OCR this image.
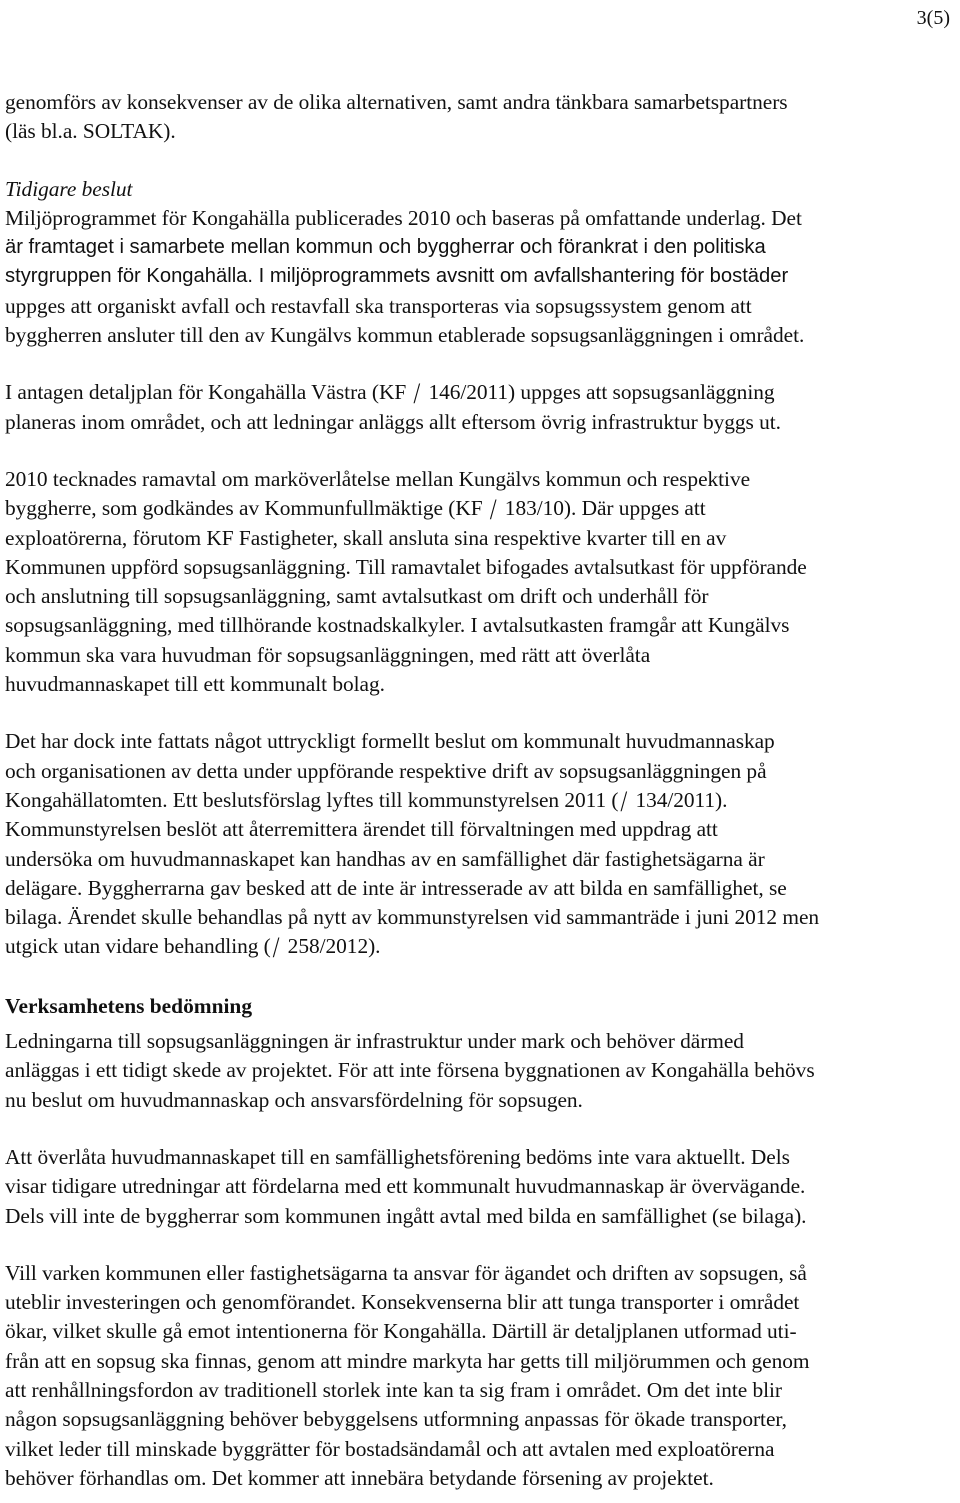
3(5)

genomförs av konsekvenser av de olika alternativen, samt andra tänkbara samarbetspartners
(läs bl.a. SOLTAK).

Tidigare beslut
Miljöprogrammet för Kongahälla publicerades 2010 och baseras på omfattande underlag. Det
är framtaget i samarbete mellan kommun och byggherrar och förankrat i den politiska
styrgruppen för Kongahälla. I miljöprogrammets avsnitt om avfallshantering för bostäder
uppges att organiskt avfall och restavfall ska transporteras via sopsugssystem genom att
byggherren ansluter till den av Kungälvs kommun etablerade sopsugsanläggningen i området.

I antagen detaljplan för Kongahälla Västra (KF / 146/2011) uppges att sopsugsanläggning
planeras inom området, och att ledningar anläggs allt eftersom övrig infrastruktur byggs ut.

2010 tecknades ramavtal om marköverlåtelse mellan Kungälvs kommun och respektive
byggherre, som godkändes av Kommunfullmäktige (KF / 183/10). Där uppges att
exploatörerna, förutom KF Fastigheter, skall ansluta sina respektive kvarter till en av
Kommunen uppförd sopsugsanläggning. Till ramavtalet bifogades avtalsutkast för uppförande
och anslutning till sopsugsanläggning, samt avtalsutkast om drift och underhåll för
sopsugsanläggning, med tillhörande kostnadskalkyler. I avtalsutkasten framgår att Kungälvs
kommun ska vara huvudman för sopsugsanläggningen, med rätt att överlåta
huvudmannaskapet till ett kommunalt bolag.

Det har dock inte fattats något uttryckligt formellt beslut om kommunalt huvudmannaskap
och organisationen av detta under uppförande respektive drift av sopsugsanläggningen på
Kongahällatomten. Ett beslutsförslag lyftes till kommunstyrelsen 2011 (/ 134/2011).
Kommunstyrelsen beslöt att återremittera ärendet till förvaltningen med uppdrag att
undersöka om huvudmannaskapet kan handhas av en samfällighet där fastighetsägarna är
delägare. Byggherrarna gav besked att de inte är intresserade av att bilda en samfällighet, se
bilaga. Ärendet skulle behandlas på nytt av kommunstyrelsen vid sammanträde i juni 2012 men
utgick utan vidare behandling (/ 258/2012).

Verksamhetens bedömning

Ledningarna till sopsugsanläggningen är infrastruktur under mark och behöver därmed
anläggas i ett tidigt skede av projektet. För att inte försena byggnationen av Kongahälla behövs
nu beslut om huvudmannaskap och ansvarsfördelning för sopsugen.

Att överlåta huvudmannaskapet till en samfällighetsförening bedöms inte vara aktuellt. Dels
visar tidigare utredningar att fördelarna med ett kommunalt huvudmannaskap är övervägande.
Dels vill inte de byggherrar som kommunen ingått avtal med bilda en samfällighet (se bilaga).

Vill varken kommunen eller fastighetsägarna ta ansvar för ägandet och driften av sopsugen, så
uteblir investeringen och genomförandet. Konsekvenserna blir att tunga transporter i området
ökar, vilket skulle gå emot intentionerna för Kongahälla. Därtill är detaljplanen utformad uti-
från att en sopsug ska finnas, genom att mindre markyta har getts till miljörummen och genom
att renhållningsfordon av traditionell storlek inte kan ta sig fram i området. Om det inte blir
någon sopsugsanläggning behöver bebyggelsens utformning anpassas för ökade transporter,
vilket leder till minskade byggrätter för bostadsändamål och att avtalen med exploatörerna
behöver förhandlas om. Det kommer att innebära betydande försening av projektet.
